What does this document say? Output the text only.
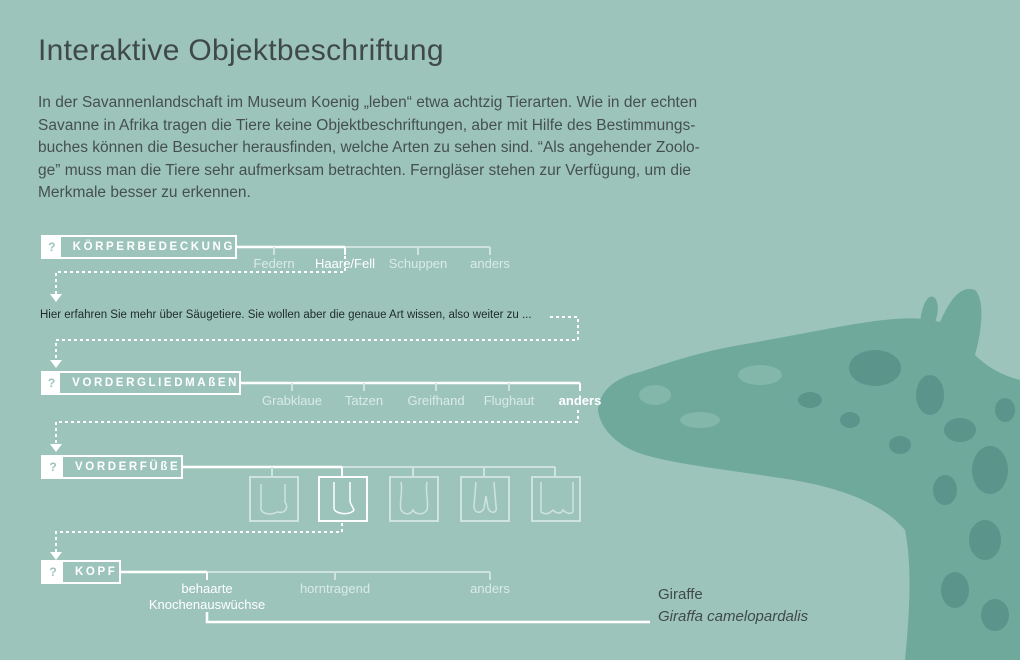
Interaktive Objektbeschriftung

In der Savannenlandschaft im Museum Koenig „leben“ etwa achtzig Tierarten. Wie in der echten
Savanne in Afrika tragen die Tiere keine Objektbeschriftungen, aber mit Hilfe des Bestimmungs-
buches können die Besucher herausfinden, welche Arten zu sehen sind. “Als angehender Zoolo-
ge” muss man die Tiere sehr aufmerksam betrachten. Ferngläser stehen zur Verfügung, um die
Merkmale besser zu erkennen.

?	KÖRPERBEDECKUNG
Federn Haare/Fell Schuppen anders

Hier erfahren Sie mehr über Säugetiere. Sie wollen aber die genaue Art wissen, also weiter zu ...

?	VORDERGLIEDMAßEN
Grabklaue Tatzen Greifhand Flughaut anders
?	VORDERFÜßE
?	KOPF
behaarte
Knochenauswüchse
horntragend	anders	Giraffe
Giraffa camelopardalis
